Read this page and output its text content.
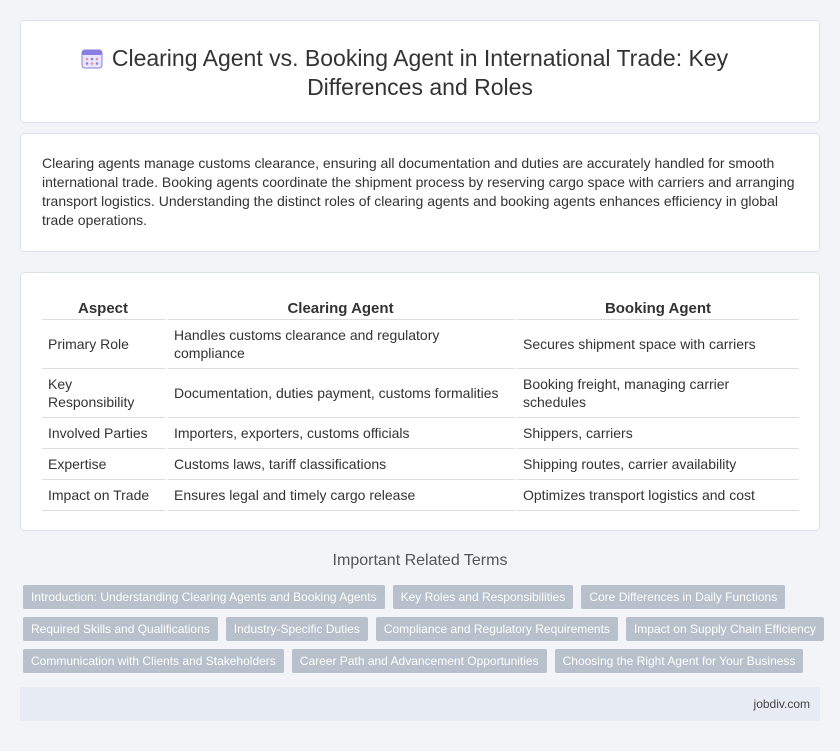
Clearing Agent vs. Booking Agent in International Trade: Key Differences and Roles

Clearing agents manage customs clearance, ensuring all documentation and duties are accurately handled for smooth international trade. Booking agents coordinate the shipment process by reserving cargo space with carriers and arranging transport logistics. Understanding the distinct roles of clearing agents and booking agents enhances efficiency in global trade operations.

Aspect	Clearing Agent	Booking Agent
Primary Role	Handles customs clearance and regulatory compliance	Secures shipment space with carriers
Key Responsibility	Documentation, duties payment, customs formalities	Booking freight, managing carrier schedules
Involved Parties	Importers, exporters, customs officials	Shippers, carriers
Expertise	Customs laws, tariff classifications	Shipping routes, carrier availability
Impact on Trade	Ensures legal and timely cargo release	Optimizes transport logistics and cost
Important Related Terms
Introduction: Understanding Clearing Agents and Booking Agents	Key Roles and Responsibilities	Core Differences in Daily Functions
Required Skills and Qualifications	Industry-Specific Duties	Compliance and Regulatory Requirements	Impact on Supply Chain Efficiency
Communication with Clients and Stakeholders	Career Path and Advancement Opportunities	Choosing the Right Agent for Your Business
jobdiv.com
